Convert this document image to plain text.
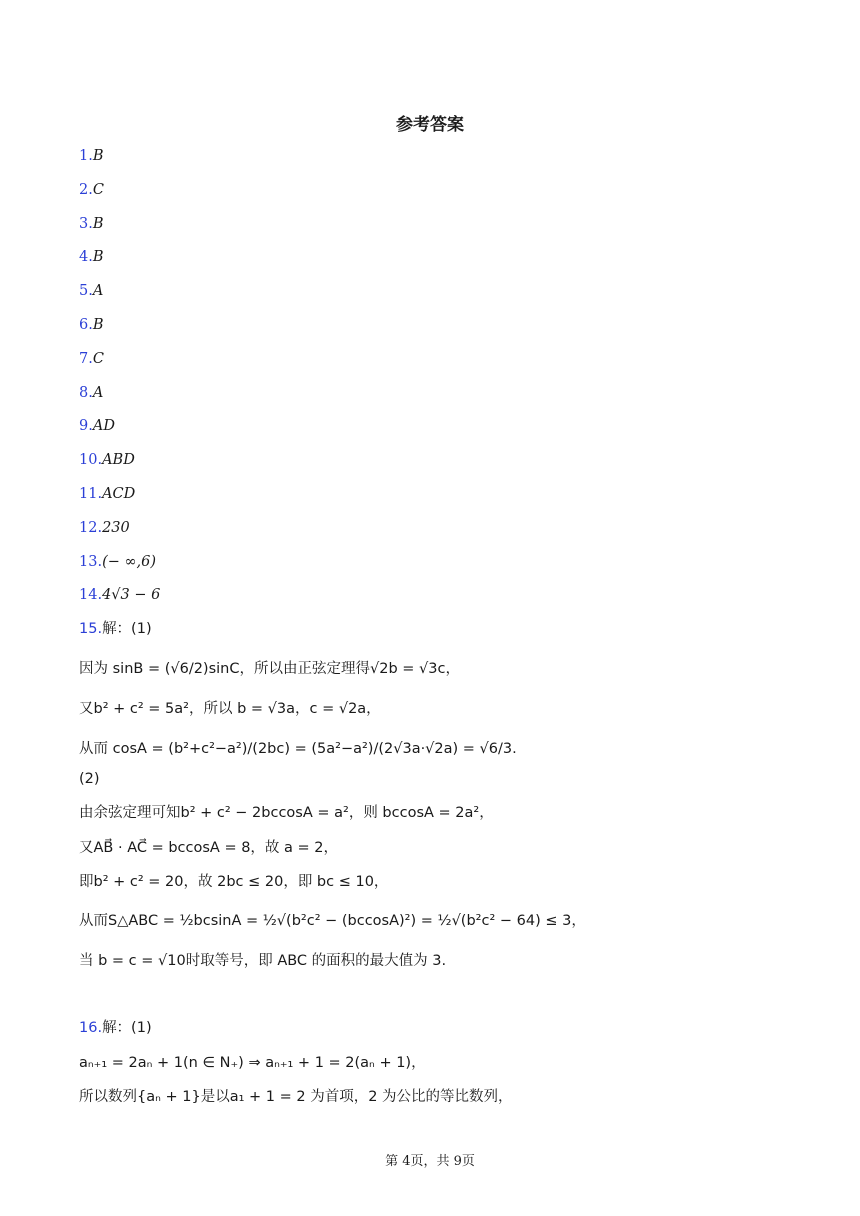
参考答案
1.B
2.C
3.B
4.B
5.A
6.B
7.C
8.A
9.AD
10.ABD
11.ACD
12.230
13.(− ∞,6)
14.4√3 − 6
15.解：(1)
因为 sinB = (√6/2)sinC，所以由正弦定理得√2b = √3c，
又b² + c² = 5a²，所以 b = √3a，c = √2a，
从而 cosA = (b²+c²−a²)/(2bc) = (5a²−a²)/(2√3a·√2a) = √6/3.
(2)
由余弦定理可知b² + c² − 2bccosA = a²，则 bccosA = 2a²，
又AB⃗ · AC⃗ = bccosA = 8，故 a = 2，
即b² + c² = 20，故 2bc ≤ 20，即 bc ≤ 10，
从而S△ABC = ½bcsinA = ½√(b²c² − (bccosA)²) = ½√(b²c² − 64) ≤ 3，
当 b = c = √10时取等号，即 ABC 的面积的最大值为 3.
16.解：(1)
aₙ₊₁ = 2aₙ + 1(n ∈ N₊) ⇒ aₙ₊₁ + 1 = 2(aₙ + 1)，
所以数列{aₙ + 1}是以a₁ + 1 = 2 为首项，2 为公比的等比数列，
第 4页，共 9页
